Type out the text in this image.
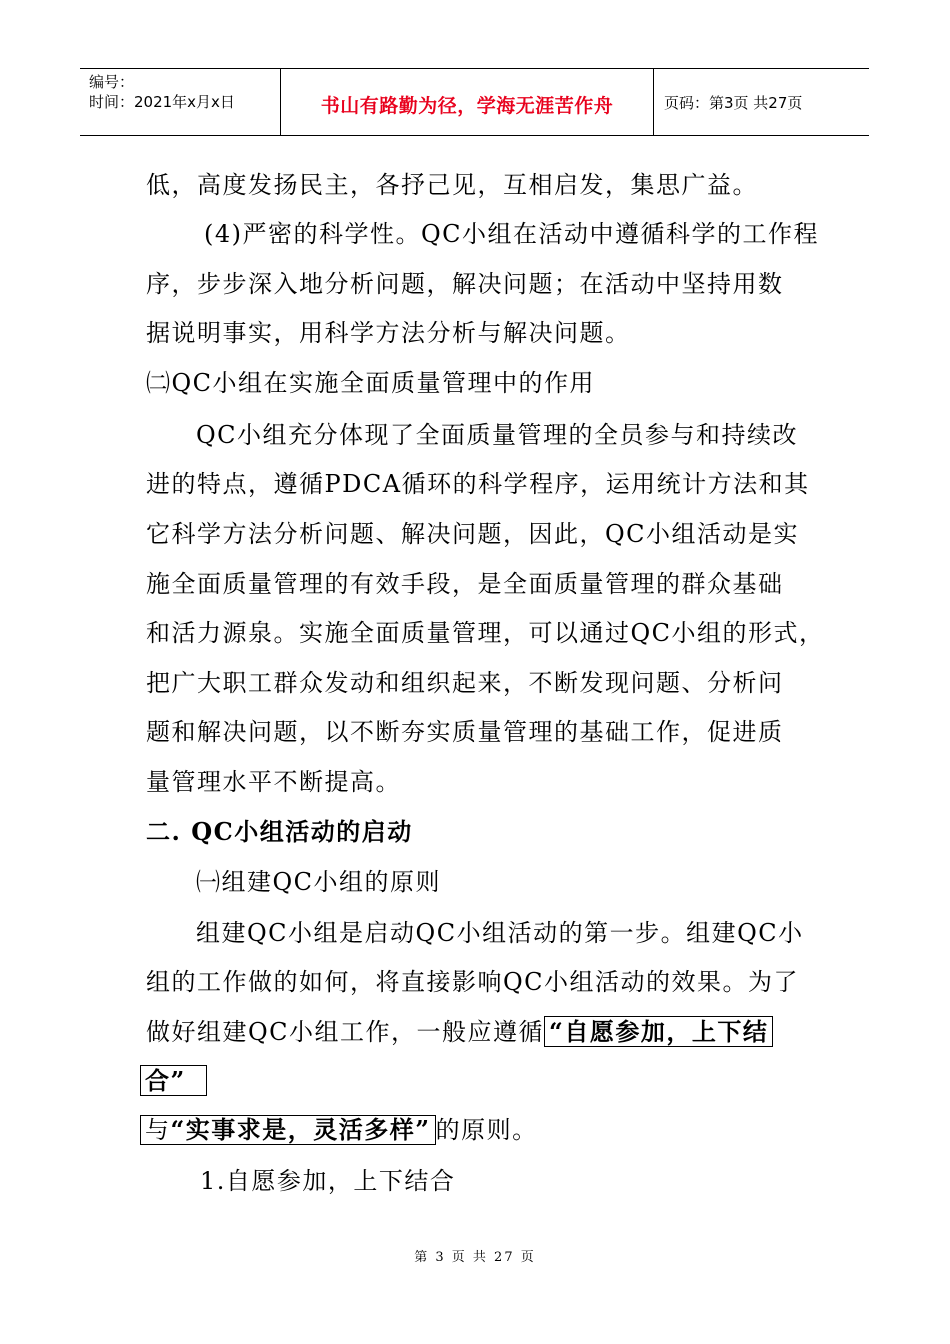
编号：
时间：2021年x月x日	书山有路勤为径，学海无涯苦作舟	页码：第3页 共27页
低，高度发扬民主，各抒己见，互相启发，集思广益。
(4)严密的科学性。QC小组在活动中遵循科学的工作程
序，步步深入地分析问题，解决问题；在活动中坚持用数
据说明事实，用科学方法分析与解决问题。
㈡QC小组在实施全面质量管理中的作用
QC小组充分体现了全面质量管理的全员参与和持续改
进的特点，遵循PDCA循环的科学程序，运用统计方法和其
它科学方法分析问题、解决问题，因此，QC小组活动是实
施全面质量管理的有效手段，是全面质量管理的群众基础
和活力源泉。实施全面质量管理，可以通过QC小组的形式，
把广大职工群众发动和组织起来，不断发现问题、分析问
题和解决问题，以不断夯实质量管理的基础工作，促进质
量管理水平不断提高。
二. QC小组活动的启动
㈠组建QC小组的原则
组建QC小组是启动QC小组活动的第一步。组建QC小
组的工作做的如何，将直接影响QC小组活动的效果。为了
做好组建QC小组工作，一般应遵循 “自愿参加，上下结
合”
与“实事求是，灵活多样” 的原则。
1.自愿参加，上下结合
第 3 页 共 27 页
